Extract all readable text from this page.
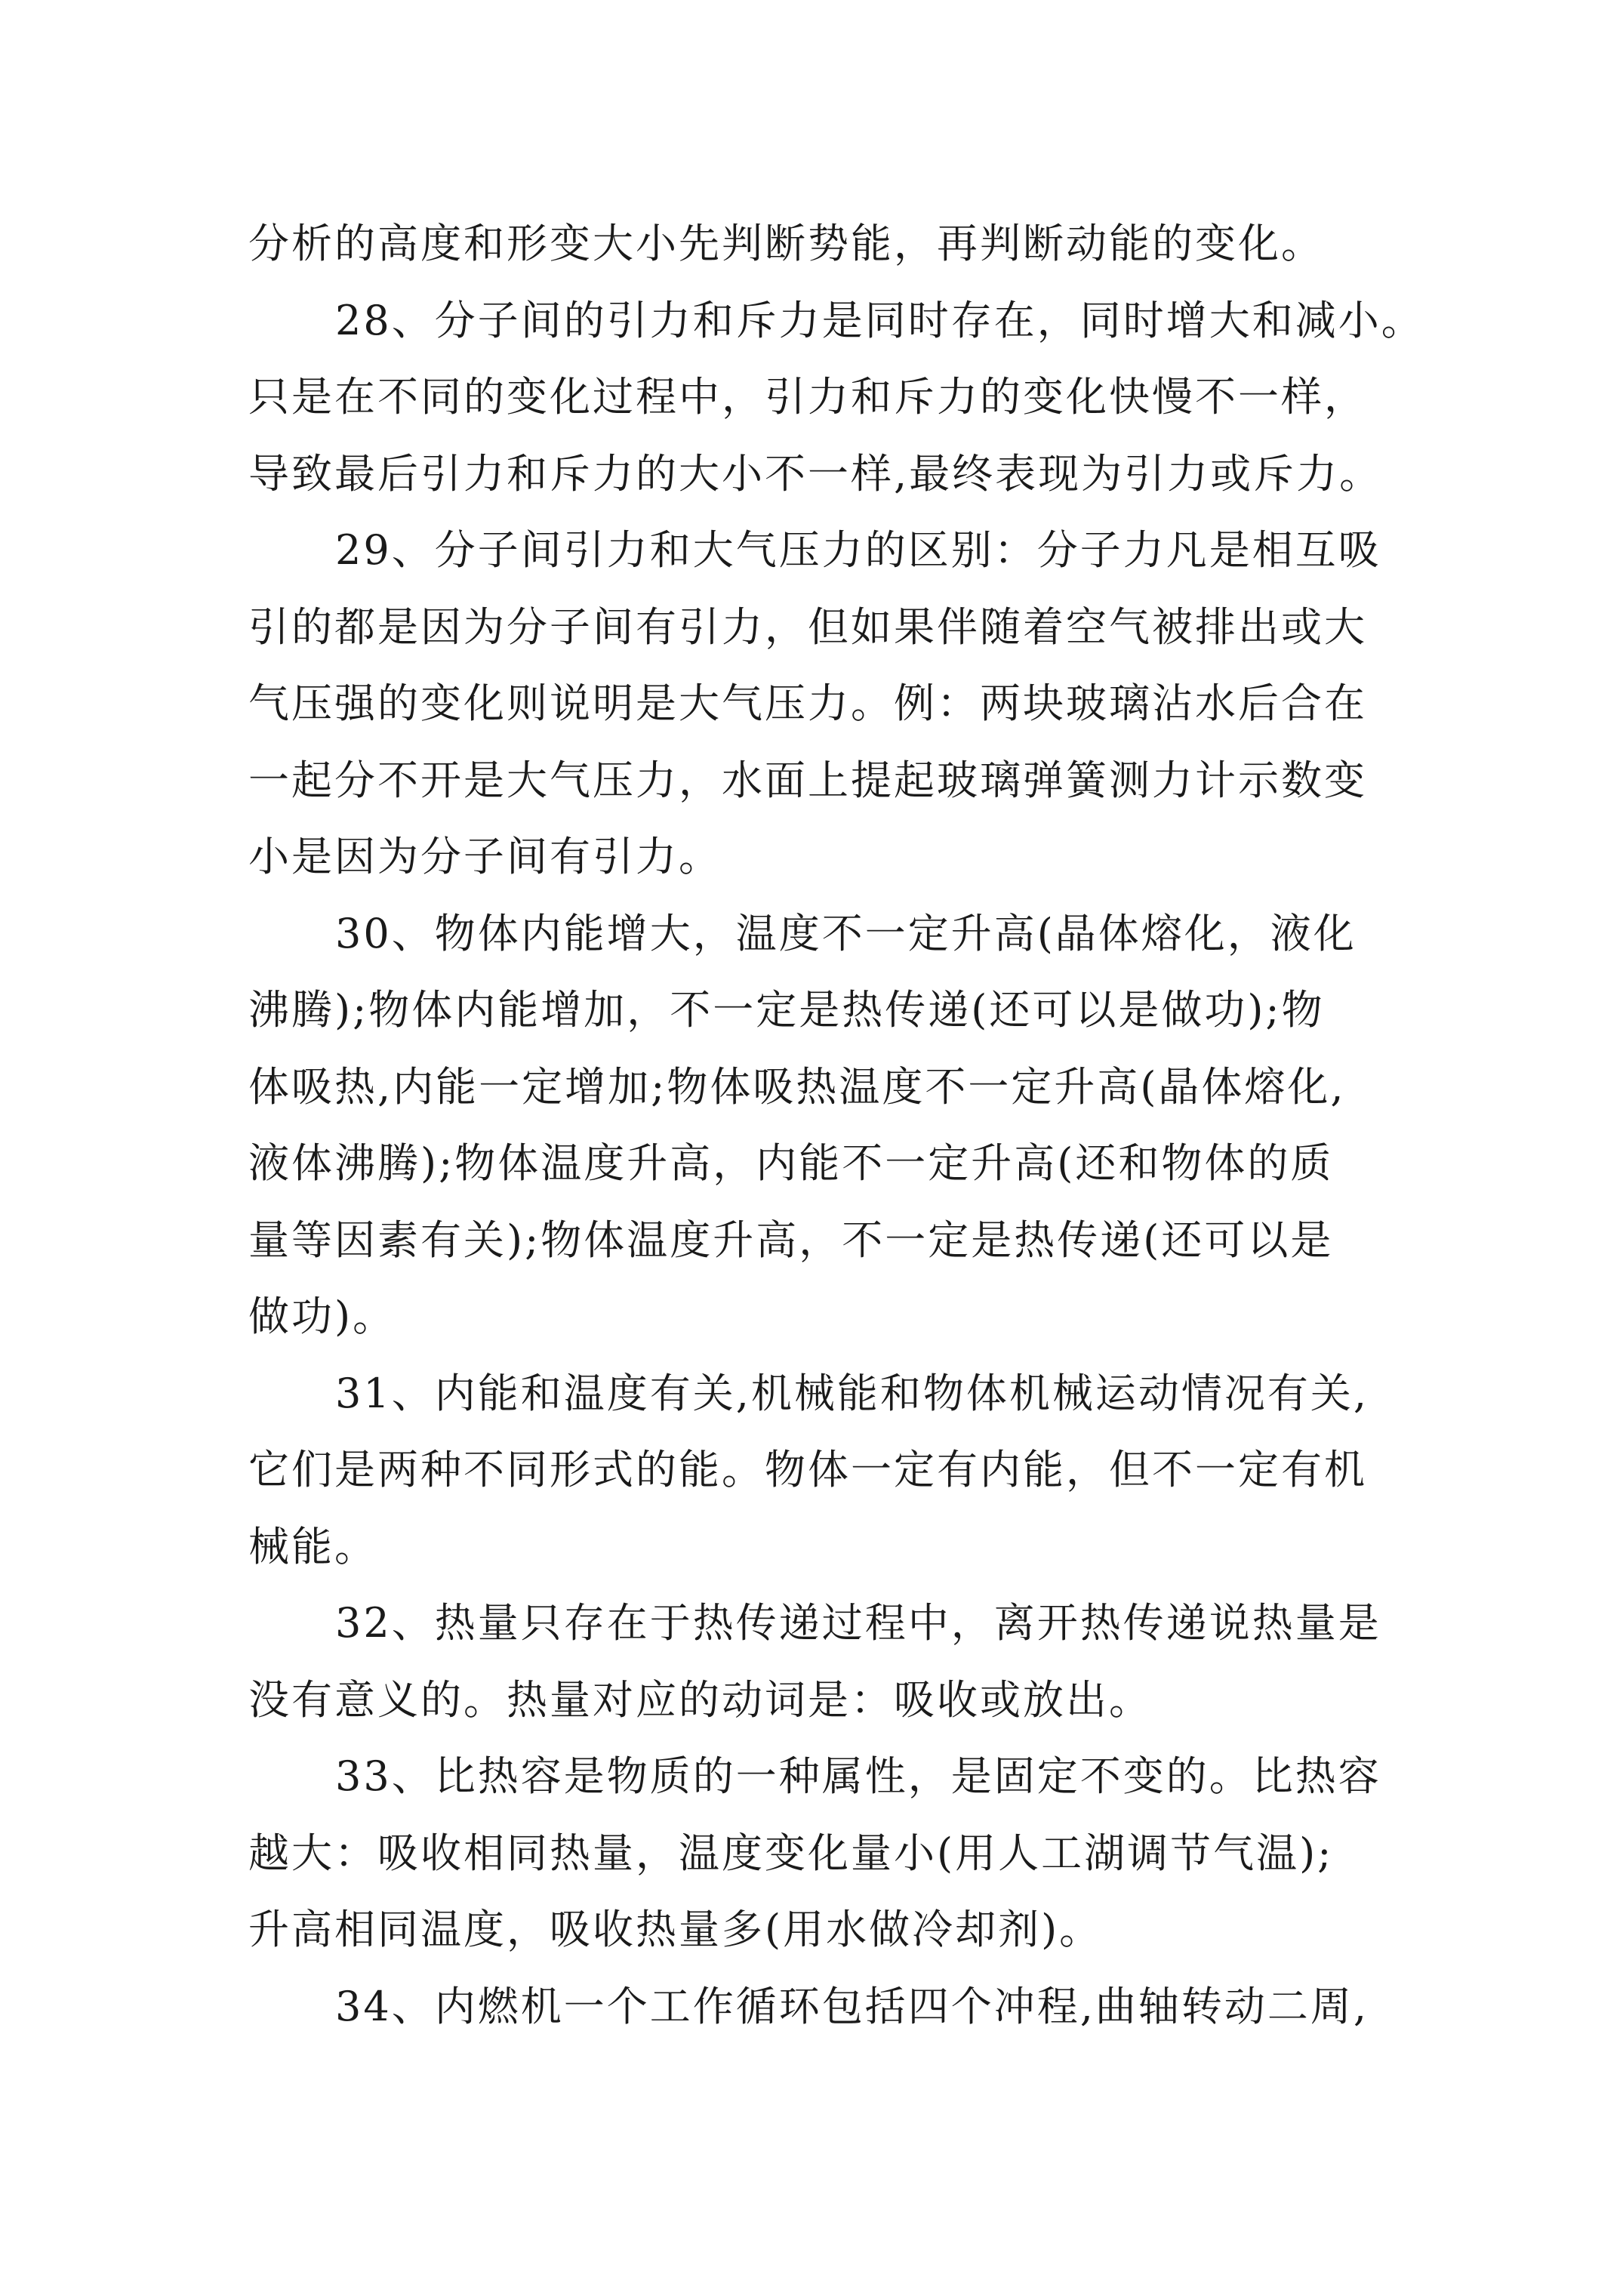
分析的高度和形变大小先判断势能，再判断动能的变化。
28、分子间的引力和斥力是同时存在，同时增大和减小。
只是在不同的变化过程中，引力和斥力的变化快慢不一样，
导致最后引力和斥力的大小不一样,最终表现为引力或斥力。
29、分子间引力和大气压力的区别：分子力凡是相互吸
引的都是因为分子间有引力，但如果伴随着空气被排出或大
气压强的变化则说明是大气压力。例：两块玻璃沾水后合在
一起分不开是大气压力，水面上提起玻璃弹簧测力计示数变
小是因为分子间有引力。
30、物体内能增大，温度不一定升高(晶体熔化，液化
沸腾);物体内能增加，不一定是热传递(还可以是做功);物
体吸热,内能一定增加;物体吸热温度不一定升高(晶体熔化,
液体沸腾);物体温度升高，内能不一定升高(还和物体的质
量等因素有关);物体温度升高，不一定是热传递(还可以是
做功)。
31、内能和温度有关,机械能和物体机械运动情况有关,
它们是两种不同形式的能。物体一定有内能，但不一定有机
械能。
32、热量只存在于热传递过程中，离开热传递说热量是
没有意义的。热量对应的动词是：吸收或放出。
33、比热容是物质的一种属性，是固定不变的。比热容
越大：吸收相同热量，温度变化量小(用人工湖调节气温);
升高相同温度，吸收热量多(用水做冷却剂)。
34、内燃机一个工作循环包括四个冲程,曲轴转动二周,
